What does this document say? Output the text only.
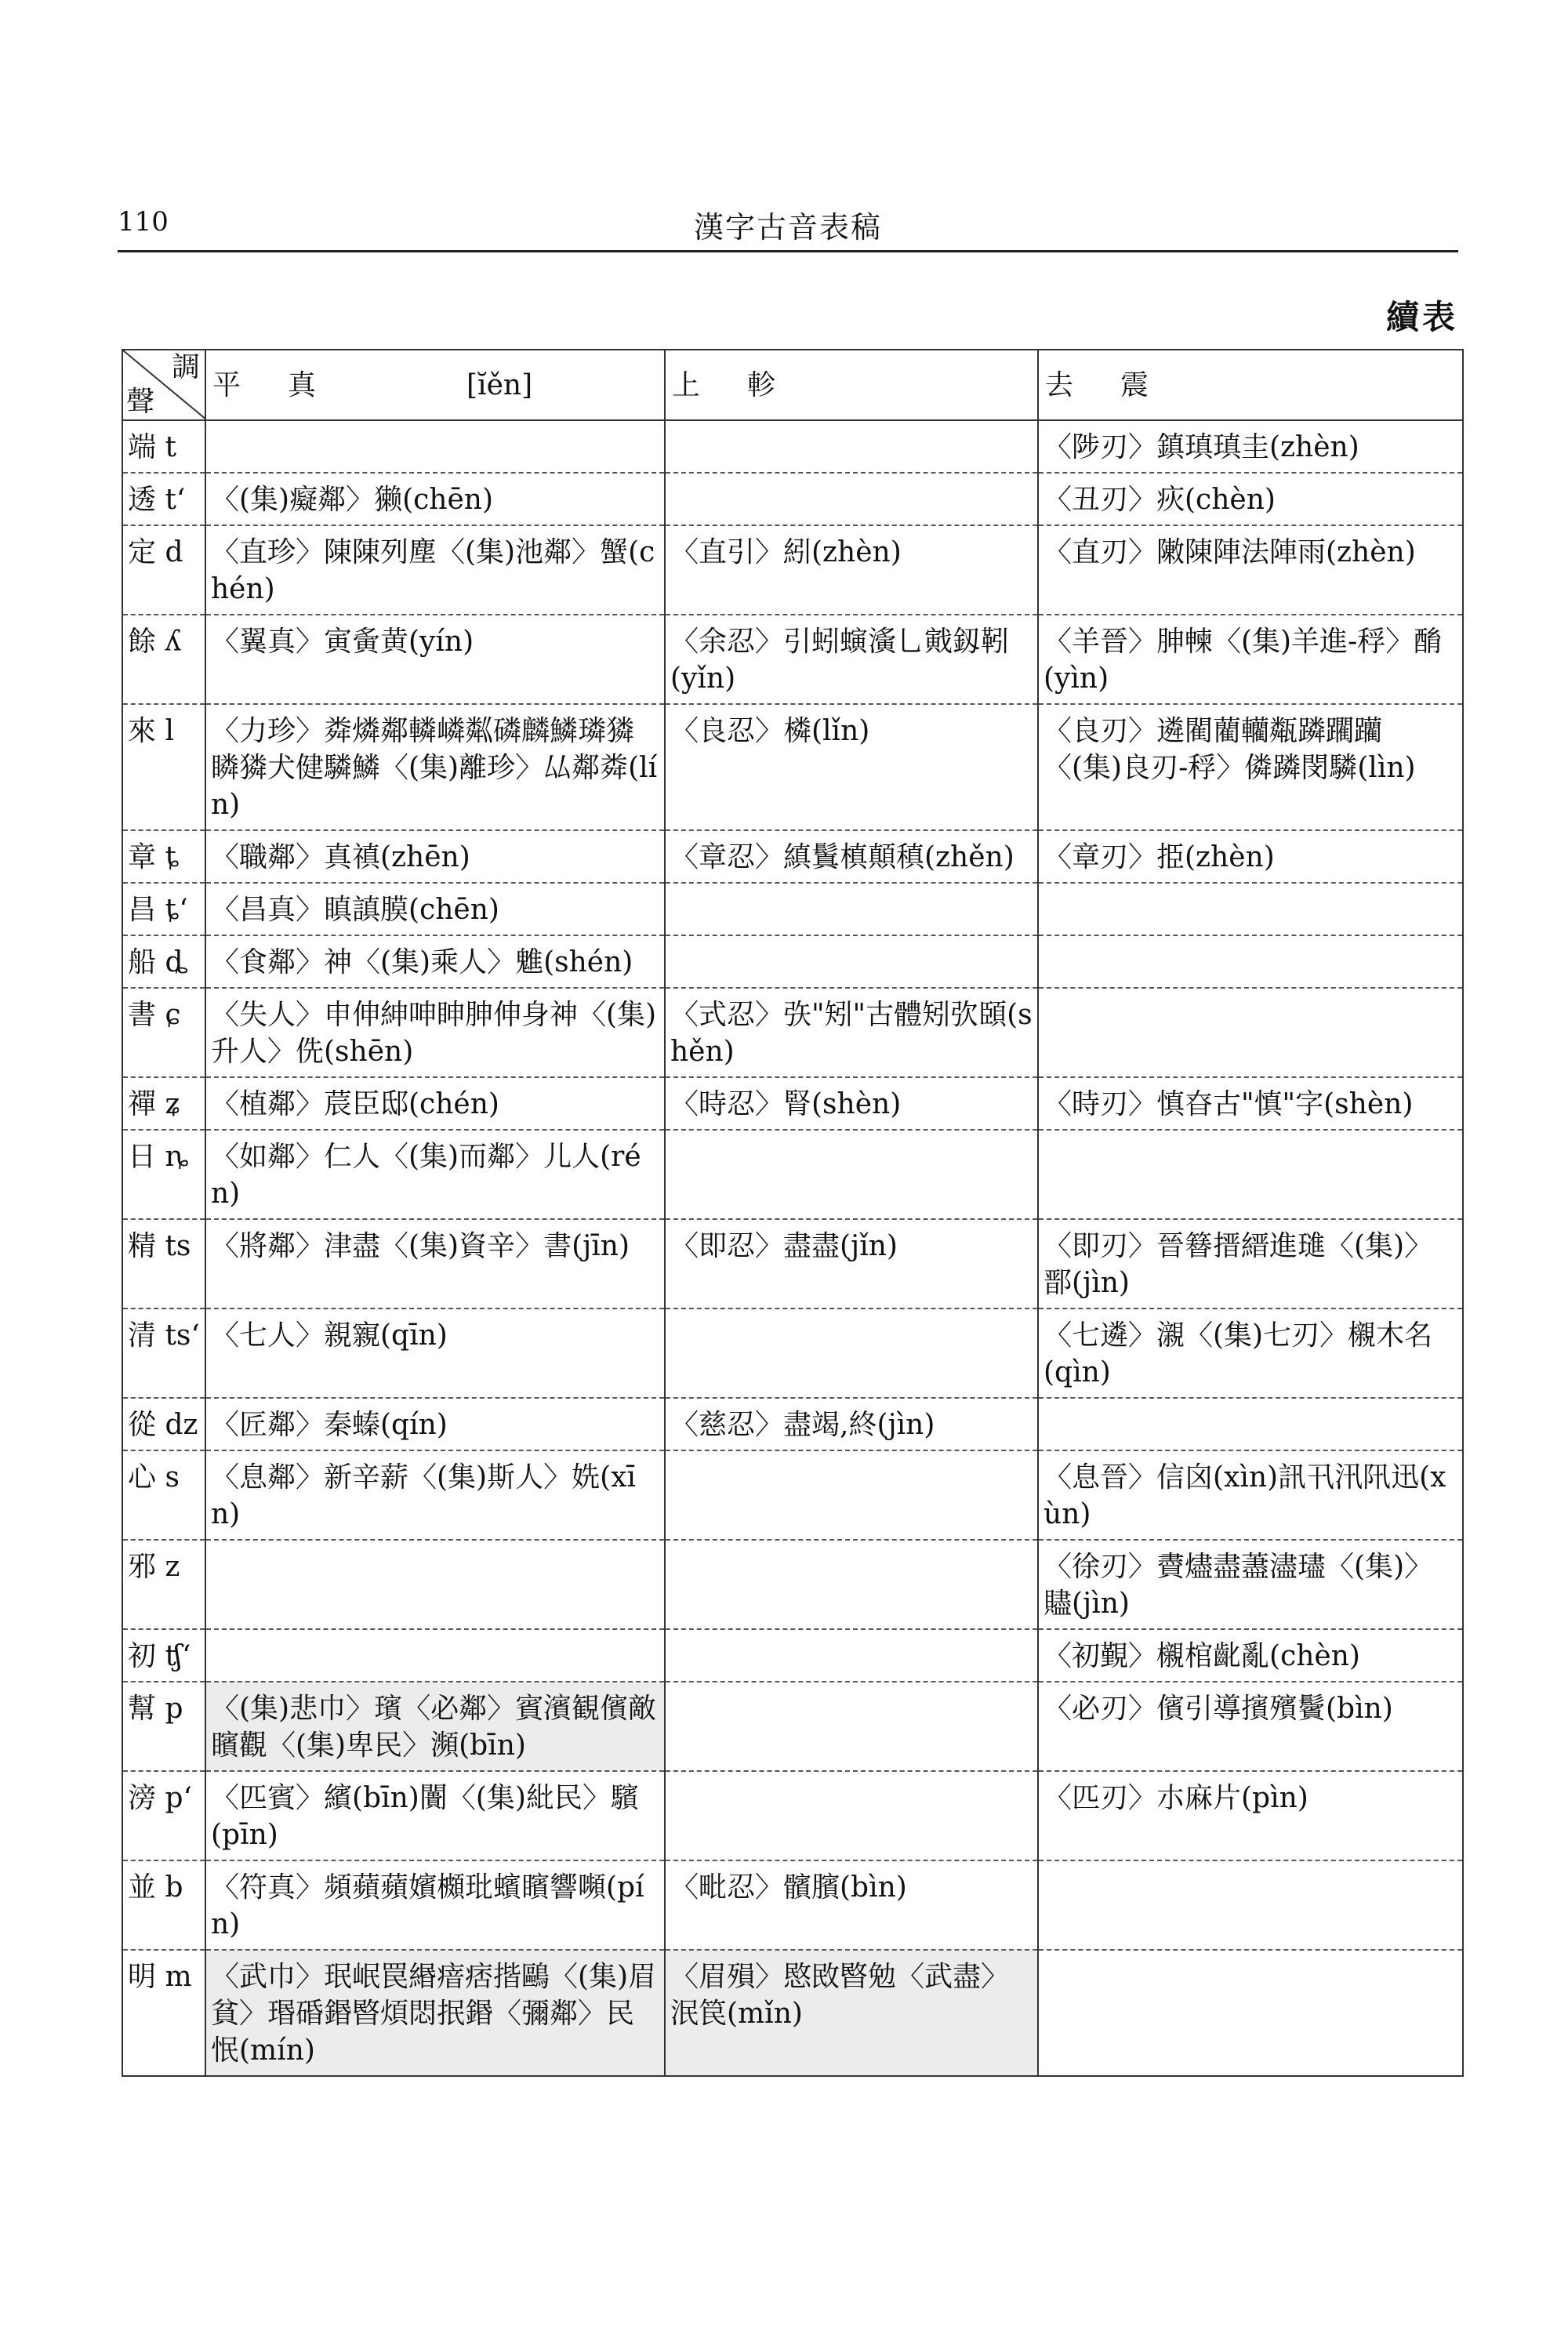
110	漢字古音表稿
續表
調
聲	平　真 [ĭěn]	上　軫	去　震
端 t			〈陟刃〉鎮瑱瑱圭(zhèn)
透 tʻ	〈(集)癡鄰〉獭(chēn)		〈丑刃〉疢(chèn)
定 d	〈直珍〉陳陳列塵〈(集)池鄰〉蟹(chén)	〈直引〉紖(zhèn)	〈直刃〉敶陳陣法陣雨(zhèn)
餘 ʎ	〈翼真〉寅夤黄(yín)	〈余忍〉引蚓螾濥乚戭釼靷(yǐn)	〈羊晉〉胂朄〈(集)羊進-稃〉酳(yìn)
來 l	〈力珍〉粦燐鄰轔嶙粼磷麟鱗璘獜瞵獜犬健驎鱗〈(集)離珍〉厸鄰粦(lín)	〈良忍〉橉(lǐn)	〈良刃〉遴閵藺轥甐蹸躙躪〈(集)良刃-稃〉僯蹸閔驎(lìn)
章 ȶ	〈職鄰〉真禛(zhēn)	〈章忍〉縝鬒槙顛稹(zhěn)	〈章刃〉挋(zhèn)
昌 ȶʻ	〈昌真〉瞋謓膜(chēn)		
船 ȡ	〈食鄰〉神〈(集)乘人〉魋(shén)		
書 ɕ	〈失人〉申伸紳呻眒胂伸身神〈(集)升人〉侁(shēn)	〈式忍〉矤"矧"古體矧弞頣(shěn)	
禪 ʑ	〈植鄰〉莀臣邸(chén)	〈時忍〉腎(shèn)	〈時刃〉慎昚古"慎"字(shèn)
日 ȵ	〈如鄰〉仁人〈(集)而鄰〉儿人(rén)		
精 ts	〈將鄰〉津盡〈(集)資辛〉書(jīn)	〈即忍〉盡盡(jǐn)	〈即刃〉晉簮搢縉進璡〈(集)〉鄑(jìn)
清 tsʻ	〈七人〉親寴(qīn)		〈七遴〉瀙〈(集)七刃〉櫬木名(qìn)
從 dz	〈匠鄰〉秦螓(qín)	〈慈忍〉盡竭,終(jìn)	
心 s	〈息鄰〉新辛薪〈(集)斯人〉姺(xīn)		〈息晉〉信囟(xìn)訊卂汛阠迅(xùn)
邪 z			〈徐刃〉賮燼盡藎濜璶〈(集)〉贐(jìn)
初 ʧʻ			〈初覲〉櫬棺齔亂(chèn)
幫 p	〈(集)悲巾〉璸〈必鄰〉賓濱観儐敵矉觀〈(集)卑民〉瀕(bīn)		〈必刃〉儐引導擯殯鬢(bìn)
滂 pʻ	〈匹賓〉繽(bīn)闠〈(集)紕民〉驞(pīn)		〈匹刃〉朩麻片(pìn)
並 b	〈符真〉頻蘋蘋嬪櫇玭蠙矉響嚬(pín)	〈毗忍〉髕臏(bìn)	
明 m	〈武巾〉珉岷罠緡瘖痞揩鷗〈(集)眉貧〉瑉碈鍲暋煩悶抿鍲〈彌鄰〉民怋(mín)	〈眉殞〉愍敃暋勉〈武盡〉泯笢(mǐn)	
